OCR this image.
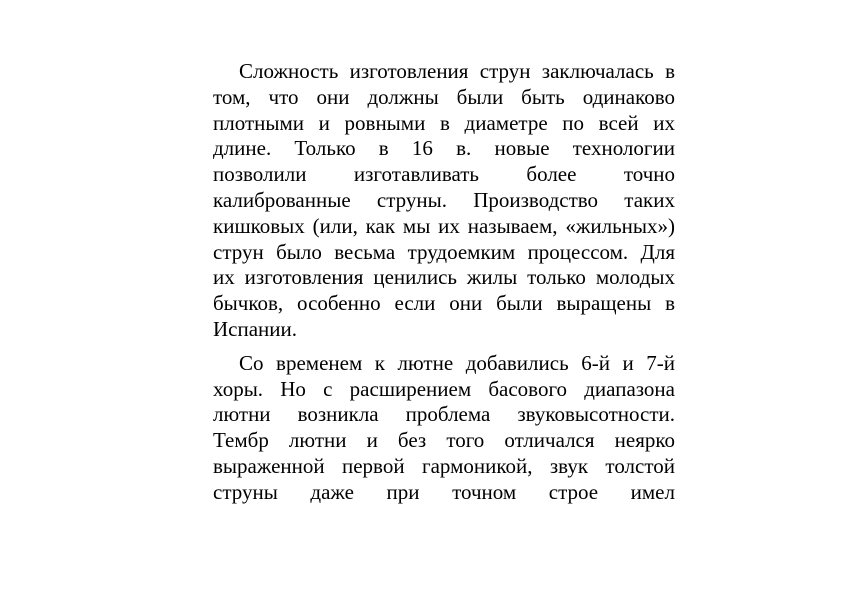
Сложность изготовления струн заключалась в
том, что они должны были быть одинаково
плотными и ровными в диаметре по всей их
длине. Только в 16 в. новые технологии
позволили изготавливать более точно
калиброванные струны. Производство таких
кишковых (или, как мы их называем, «жильных»)
струн было весьма трудоемким процессом. Для
их изготовления ценились жилы только молодых
бычков, особенно если они были выращены в
Испании.
Со временем к лютне добавились 6-й и 7-й
хоры. Но с расширением басового диапазона
лютни возникла проблема звуковысотности.
Тембр лютни и без того отличался неярко
выраженной первой гармоникой, звук толстой
струны даже при точном строе имел
